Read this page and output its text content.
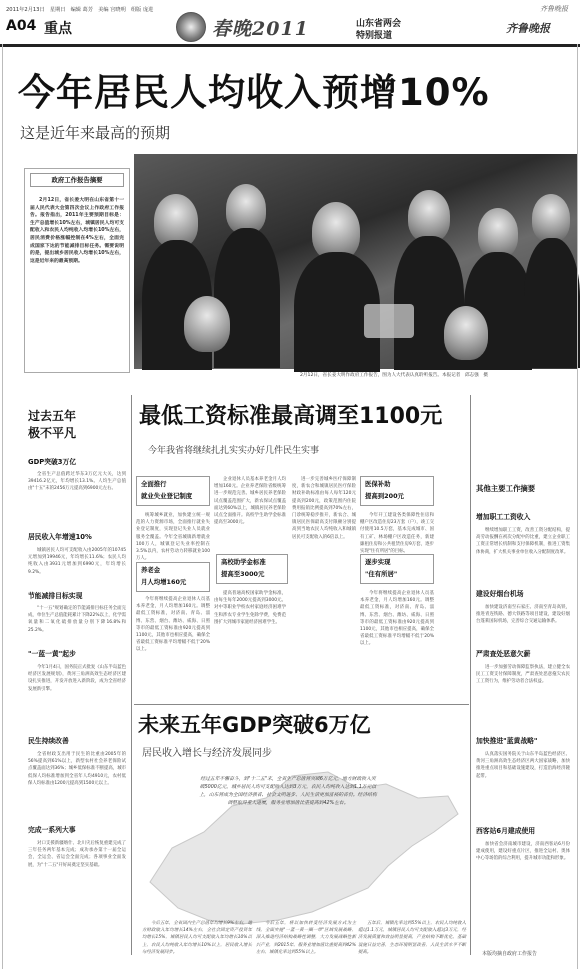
2011年2月13日　星期日　编辑 葛芳　美编 宫晓明　组版 庞进	齐鲁晚报
A04 重点	春晚2011	山东省两会
特别报道
齐鲁晚报
今年居民人均收入预增10%
这是近年来最高的预期
政府工作报告摘要
2月12日，省长姜大明在山东省第十一届人民代表大会第四次会议上作政府工作报告。报告指出，2011年主要预期目标是：生产总值增长10%左右，城镇居民人均可支配收入和农民人均纯收入均增长10%左右，居民消费价格涨幅控制在4%左右，全面完成国家下达的节能减排目标任务。需要说明的是，提出城乡居民收入均增长10%左右，这是近年来的最高预期。
2月12日，省长姜大明作政府工作报告，图为人大代表认真聆听报告。本报记者　邱志强　摄
过去五年
极不平凡
GDP突破3万亿
全省生产总值跨过华东3万亿元大关，达到39416.2亿元，年均增长13.1%。人均生产总值由"十五"末的2456万元提高到6900元左右。
居民收入年增速10%
城镇居民人均可支配收入由2005年的10745元增加到19946元，年均增长11.6%；农民人均纯收入由3931元增加到6990元，年均增长9.2%。
节能减排目标实现
"十一五"规划确定的节能减排目标任务全面完成，单位生产总值能耗累计下降22%以上，化学需氧量和二氧化硫排放量分别下降16.8%和25.2%。
"一蓝一黄"起步
今年1月4日，国务院正式批复《山东半岛蓝色经济区发展规划》，黄河三角洲高效生态经济区建设扎实推进，开发开放进入新阶段，成为全省经济发展新引擎。
民生持续改善
全省财政支出用于民生的比重由2005年的56%提高到61%以上，新型农村社会养老保险试点覆盖面达到36%；城乡低保标准不断提高，城市低保人均标准增加到全省年人均4910元，农村低保人均标准由1200元提高到1500元以上。
完成一系列大事
对口支援新疆喀什、北川灾后恢复重建完成了三年任务两年基本完成；成功承办第十一届全运会，全运会、省运会全面完成；各项事业全面发展，为"十二五"开好局奠定坚实基础。
最低工资标准最高调至1100元
今年我省将继续扎扎实实办好几件民生实事
全面推行
就业失业登记制度
统筹城乡就业，加快建立统一规范的人力资源市场，全面推行就业失业登记制度，实现登记失业人员就业服务全覆盖。今年全省城镇新增就业100万人，城镇登记失业率控制在3.5%以内，农村劳动力转移就业100万人。
养老金
月人均增160元
今年将继续提高企业退休人员基本养老金，月人均增加160元。调整最低工资标准，对济南、青岛、淄博、东营、烟台、潍坊、威海、日照等市的最低工资标准由920元提高到1100元，其他市也相应提高，确保全省最低工资标准平均增幅不低于20%以上。
企业退休人员基本养老金月人均增加160元。企业养老保险省级统筹进一步规范完善。城乡居民养老保险试点覆盖范围扩大，新农保试点覆盖面达到60%以上，城镇居民养老保险试点全面推开。高校学生助学金标准提高至3000元。
高校助学金标准
提高至3000元
提高普通高校国家助学金标准，由每生每年2000元提高到3000元。对中等职业学校农村家庭经济困难学生和涉农专业学生免除学费，免费范围扩大到城市家庭经济困难学生。
医保补助
提高到200元
进一步完善城乡医疗保障制度，新农合和城镇居民医疗保险财政补助标准由每人每年120元提高到200元，政策范围内住院费用报销比例提高到70%左右，门诊统筹稳步推开，新农合、城镇居民医保最高支付限额分别提高到当地农民人均纯收入和城镇居民可支配收入的6倍以上。
今年开工建设各类保障性住房和棚户区改造住房23万套（户），竣工交付使用10.5万套，基本完成城市、国有工矿、林场棚户区改造任务，新建廉租住房和公共租赁住房9万套，逐步实现"住有所居"的目标。
逐步实现
"住有所居"
今年将继续提高企业退休人员基本养老金，月人均增加160元。调整最低工资标准，对济南、青岛、淄博、东营、烟台、潍坊、威海、日照等市的最低工资标准由920元提高到1100元，其他市也相应提高，确保全省最低工资标准平均增幅不低于20%以上。
未来五年GDP突破6万亿
居民收入增长与经济发展同步
经过五年不懈奋斗，到"十二五"末，全省生产总值将突破6万亿元，地方财政收入突破5000亿元，城乡居民人均可支配收入达到3万元，农民人均纯收入达到1.1万元以上，山东将成为全国经济强省、社会文明进步、人民生活更加富裕的省份。经济结构调整取得重大进展，服务业增加值比重提高到42%左右。
今后五年，全省国内生产总值年均增长9%左右，地方财政收入年均增长14%左右，全社会固定资产投资年均增长15%，城镇居民人均可支配收入年均增长10%以上，农民人均纯收入年均增长10%以上，居民收入增长与经济发展同步。
今后五年，将以加快转变经济发展方式为主线，全面实施"一蓝一黄一圈一带"区域发展战略，深入推进经济结构战略性调整，大力发展战略性新兴产业，到2015年，服务业增加值比重提高到42%左右，城镇化率达到55%以上。
五年后，城镇化率达到55%以上，农民人均纯收入超过1.1万元，城镇居民人均可支配收入超过3万元，经济发展质量和效益明显提高，产业结构不断优化，基础设施日益完善，生态环境明显改善，人民生活水平不断提高。
其他主要工作摘要
增加职工工资收入
继续增加职工工资，改善工资分配结构，提高劳动报酬在初次分配中的比重，建立企业职工工资正常增长机制和支付保障机制，推进工资集体协商，扩大机关事业单位收入分配制度改革。
建设好烟台机场
加快建设济南至石家庄、济南至青岛高铁，推进青连铁路、德大铁路等项目建设，建设好烟台蓬莱国际机场，完善综合交通运输体系。
严肃查处恶意欠薪
进一步加强劳动保障监察执法，建立健全农民工工资支付保障制度，严肃查处恶意拖欠农民工工资行为，维护劳动者合法权益。
加快推进"蓝黄战略"
认真落实国务院关于山东半岛蓝色经济区、黄河三角洲高效生态经济区两大国家战略，加快推进重点项目和基础设施建设，打造沿海经济隆起带。
西客站6月建成使用
加快省会济南城市建设，济南西客站6月份建成使用，建设好重点片区，推进全运村、奥体中心等场馆的综合利用，提升城市功能和形象。
本版均摘自政府工作报告
